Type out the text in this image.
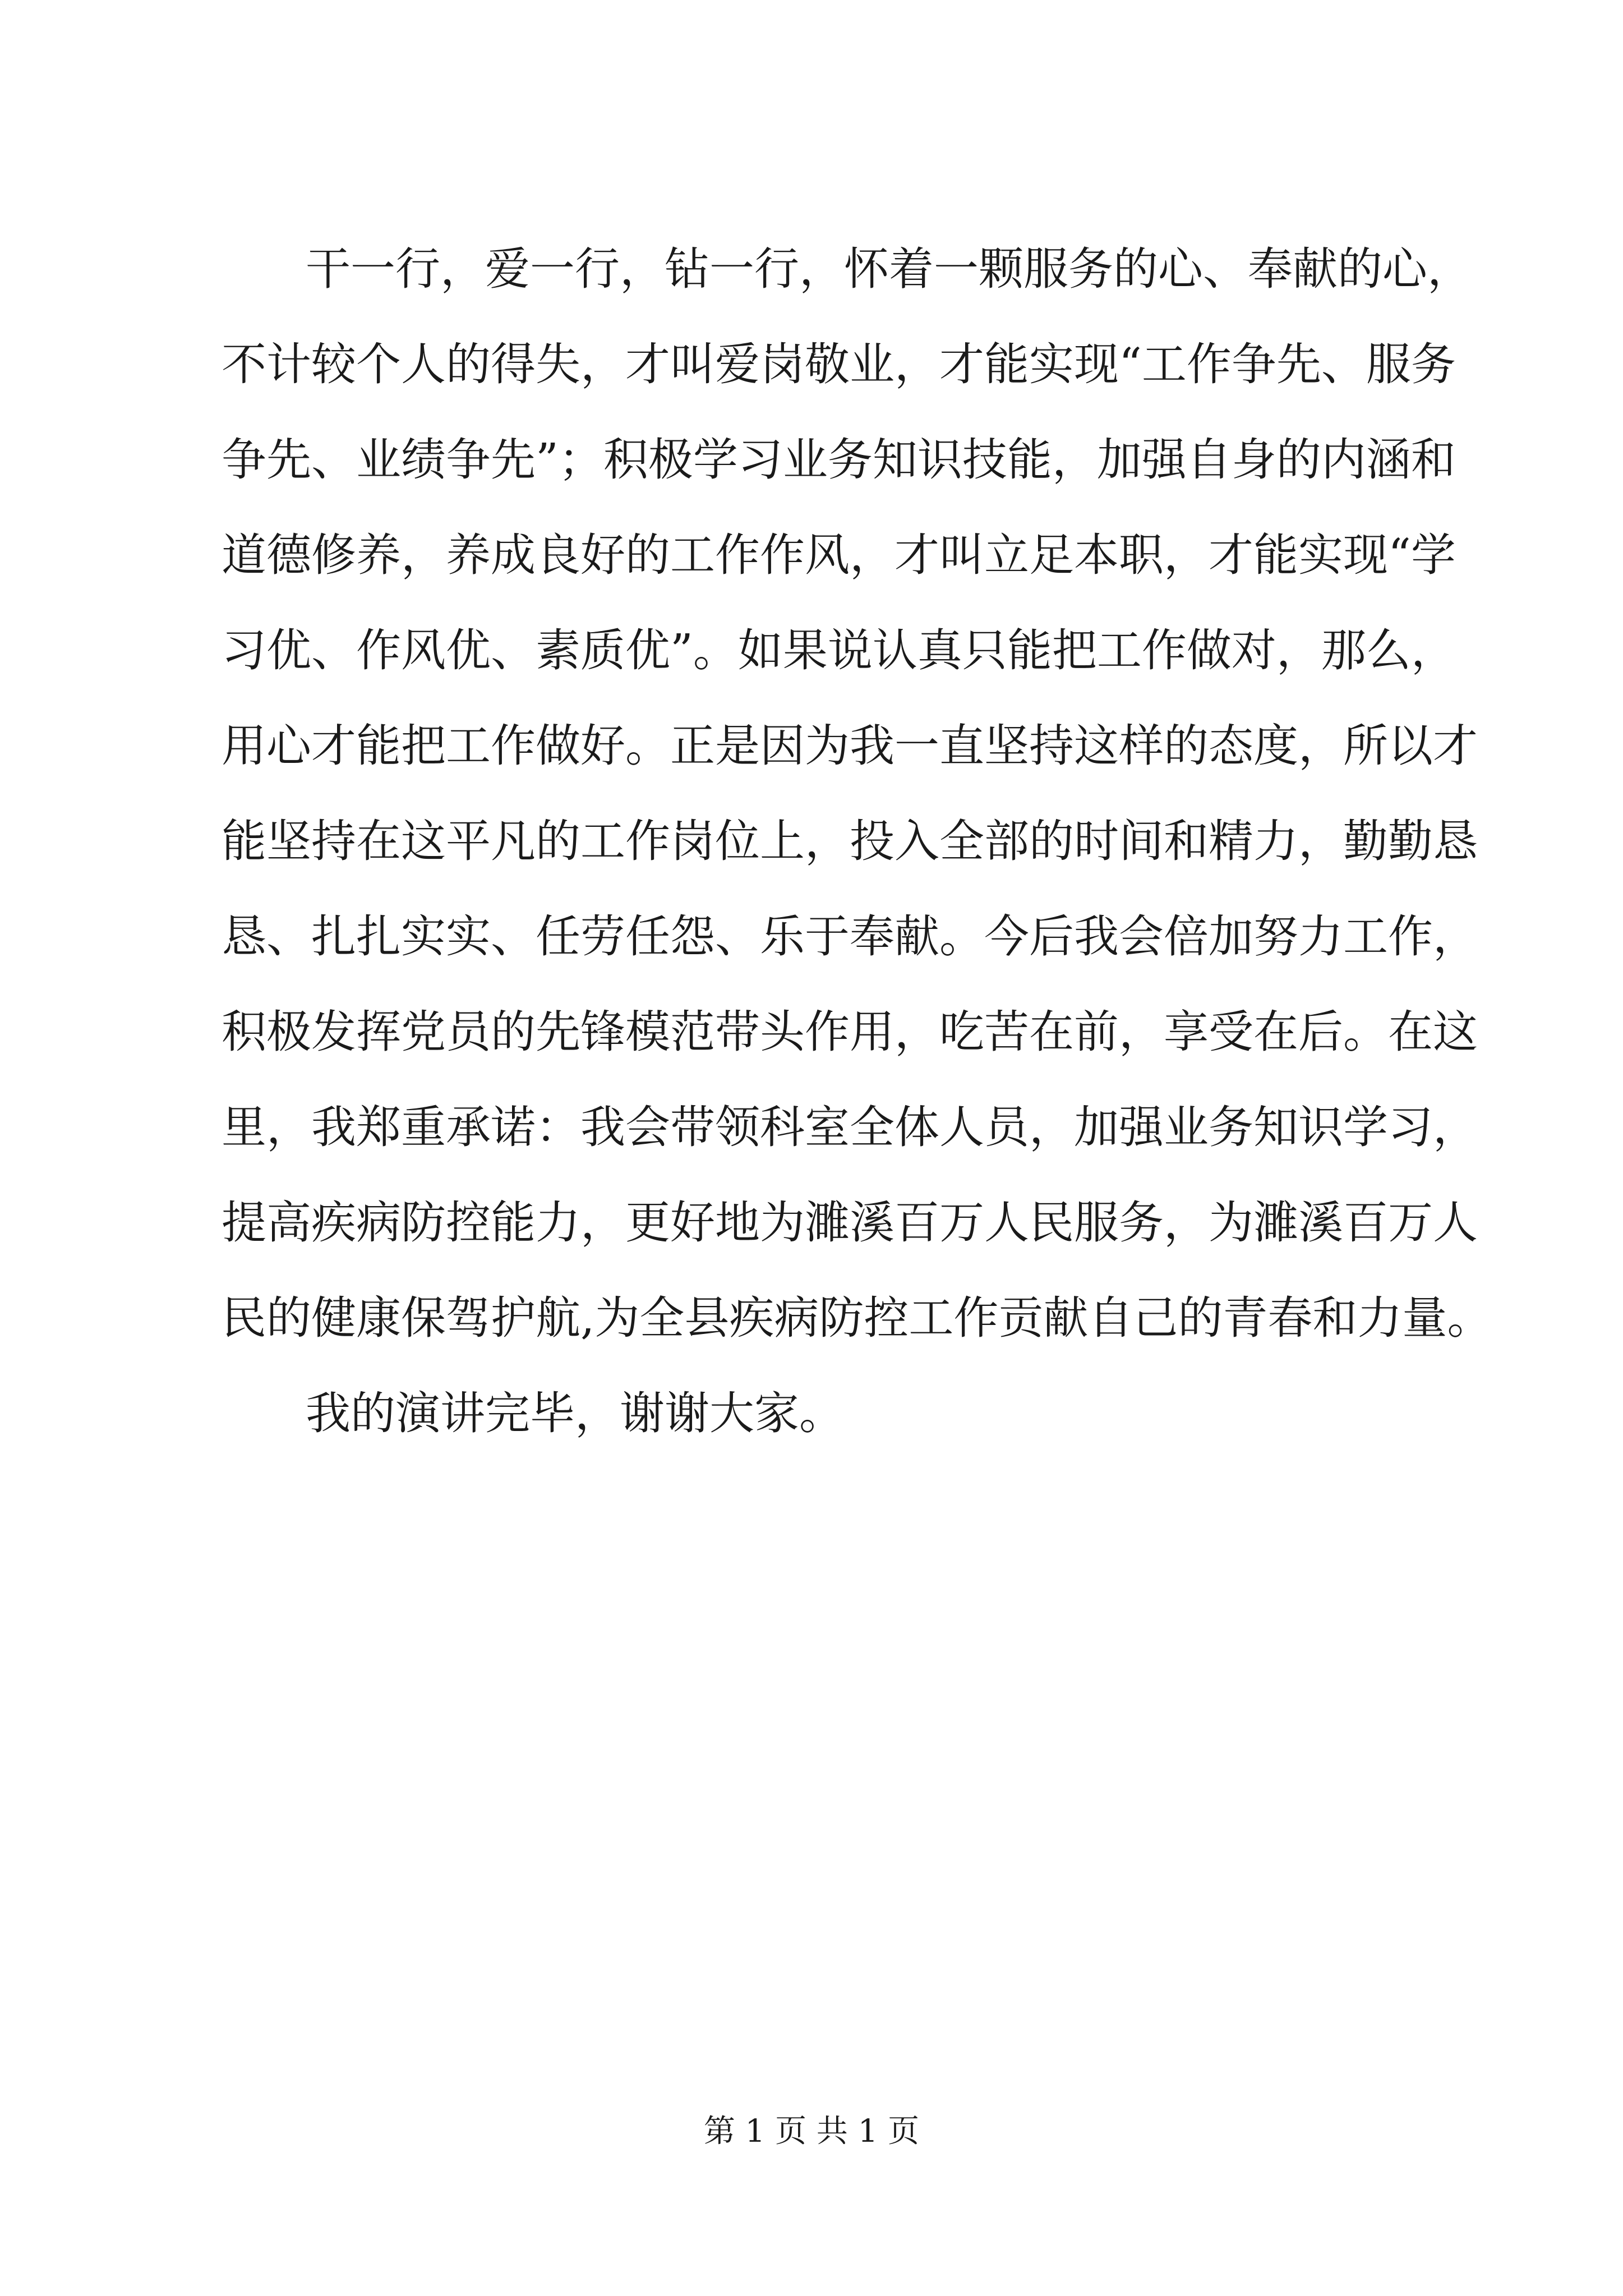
干一行，爱一行，钻一行，怀着一颗服务的心、奉献的心，
不计较个人的得失，才叫爱岗敬业，才能实现“工作争先、服务
争先、业绩争先”；积极学习业务知识技能，加强自身的内涵和
道德修养，养成良好的工作作风，才叫立足本职，才能实现“学
习优、作风优、素质优”。如果说认真只能把工作做对，那么，
用心才能把工作做好。正是因为我一直坚持这样的态度，所以才
能坚持在这平凡的工作岗位上，投入全部的时间和精力，勤勤恳
恳、扎扎实实、任劳任怨、乐于奉献。今后我会倍加努力工作，
积极发挥党员的先锋模范带头作用，吃苦在前，享受在后。在这
里，我郑重承诺：我会带领科室全体人员，加强业务知识学习，
提高疾病防控能力，更好地为濉溪百万人民服务，为濉溪百万人
民的健康保驾护航,为全县疾病防控工作贡献自己的青春和力量。
我的演讲完毕，谢谢大家。
第 1 页 共 1 页
